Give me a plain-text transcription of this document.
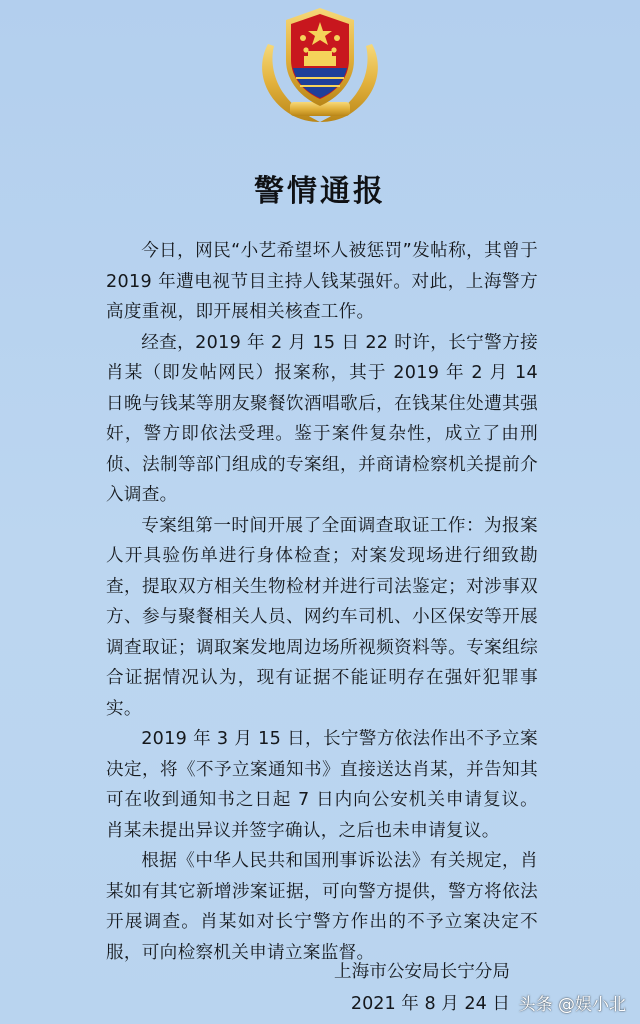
警情通报

今日，网民“小艺希望坏人被惩罚”发帖称，其曾于 2019 年遭电视节目主持人钱某强奸。对此，上海警方高度重视，即开展相关核查工作。

经查，2019 年 2 月 15 日 22 时许，长宁警方接肖某（即发帖网民）报案称，其于 2019 年 2 月 14 日晚与钱某等朋友聚餐饮酒唱歌后，在钱某住处遭其强奸，警方即依法受理。鉴于案件复杂性，成立了由刑侦、法制等部门组成的专案组，并商请检察机关提前介入调查。

专案组第一时间开展了全面调查取证工作：为报案人开具验伤单进行身体检查；对案发现场进行细致勘查，提取双方相关生物检材并进行司法鉴定；对涉事双方、参与聚餐相关人员、网约车司机、小区保安等开展调查取证；调取案发地周边场所视频资料等。专案组综合证据情况认为，现有证据不能证明存在强奸犯罪事实。

2019 年 3 月 15 日，长宁警方依法作出不予立案决定，将《不予立案通知书》直接送达肖某，并告知其可在收到通知书之日起 7 日内向公安机关申请复议。肖某未提出异议并签字确认，之后也未申请复议。

根据《中华人民共和国刑事诉讼法》有关规定，肖某如有其它新增涉案证据，可向警方提供，警方将依法开展调查。肖某如对长宁警方作出的不予立案决定不服，可向检察机关申请立案监督。

上海市公安局长宁分局
2021 年 8 月 24 日 头条 @娱小北
